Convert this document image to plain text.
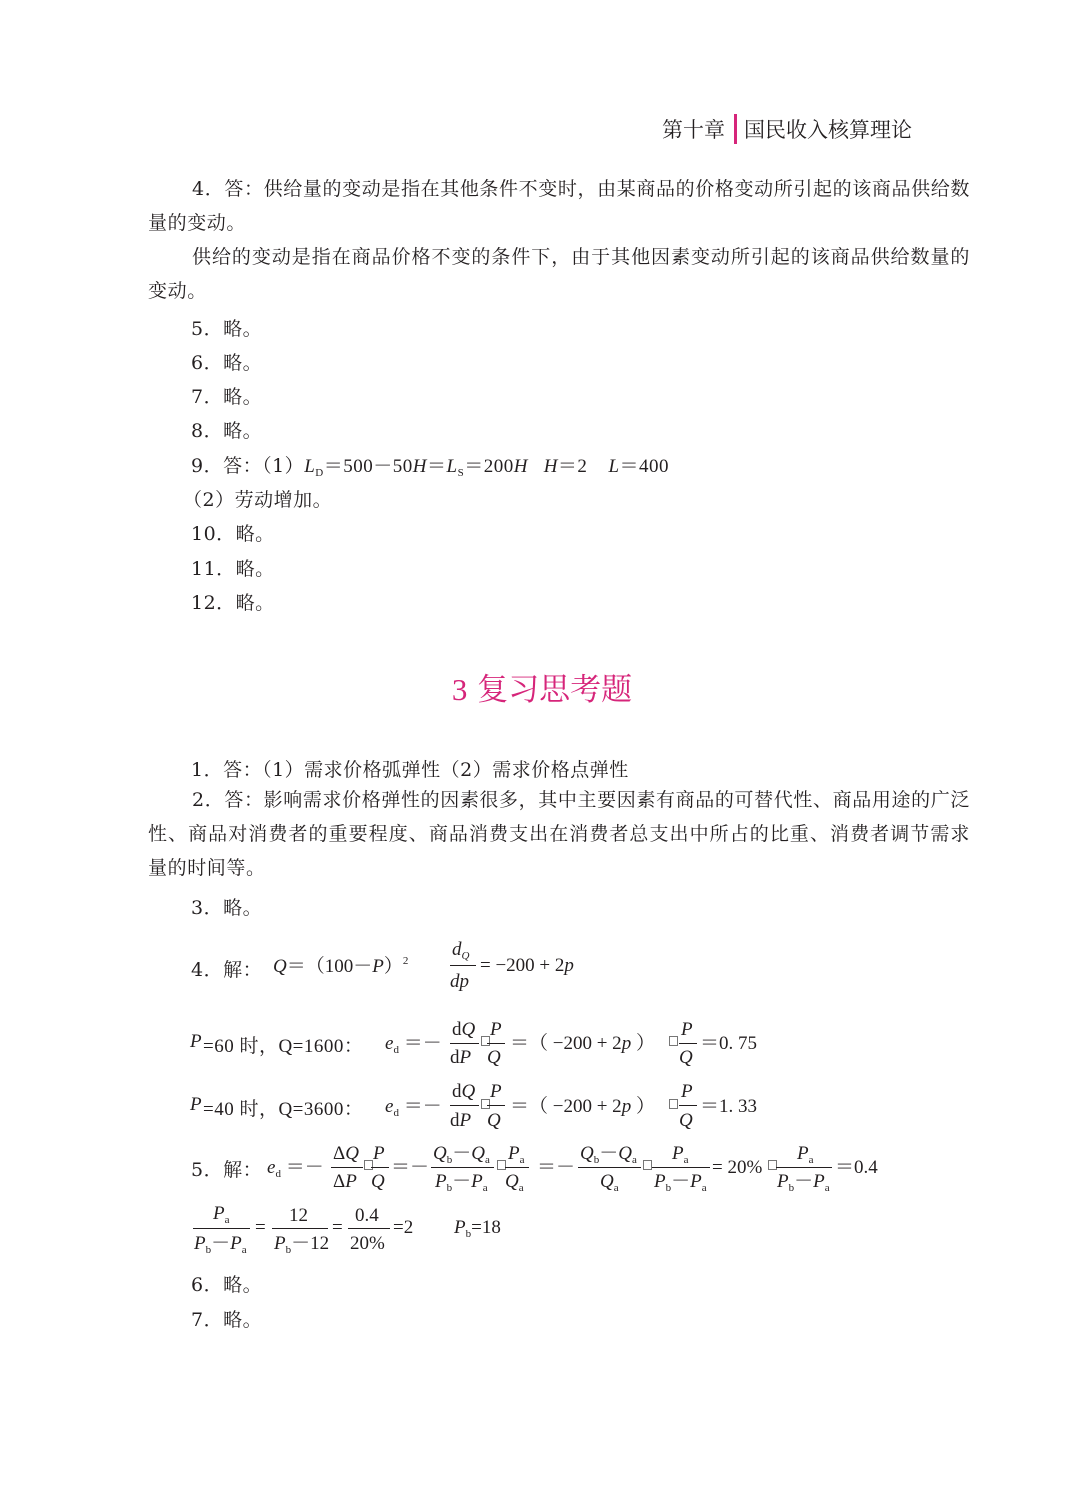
第十章 国民收入核算理论
4．答：供给量的变动是指在其他条件不变时，由某商品的价格变动所引起的该商品供给数量的变动。
供给的变动是指在商品价格不变的条件下，由于其他因素变动所引起的该商品供给数量的变动。
5．略。
6．略。
7．略。
8．略。
9．答：$(1)L_D=500-50H=L_S=200H$ H＝2    L＝400
（2）劳动增加。
10．略。
11．略。
12．略。
3 复习思考题
1．答：（1）需求价格弧弹性（2）需求价格点弹性
2．答：影响需求价格弹性的因素很多，其中主要因素有商品的可替代性、商品用途的广泛性、商品对消费者的重要程度、商品消费支出在消费者总支出中所占的比重、消费者调节需求量的时间等。
3．略。
4．解： $Q=(100-P)^2$
$d_Q$
dp
= −200 + 2p
P =60 时，Q=1600： $e_d$ ＝－
dQ
dP
P
Q
＝（ −200 + 2p ）
P
Q
＝0. 75
P =40 时，Q=3600： $e_d$ ＝－
dQ
dP
P
Q
＝（ −200 + 2p ）
P
Q
＝1. 33
5．解： $e_d$ ＝－
ΔQ
ΔP
P
Q
＝－
$Q_b-Q_a$
$P_b-P_a$
$P_a$
$Q_a$
＝－
$Q_b-Q_a$
$Q_a$
$P_a$
$P_b-P_a$
= 20%
$P_a$
$P_b-P_a$
＝0.4
$P_a$
$P_b-P_a$
=
12
$P_b-12$
=
0.4
20%
=2 $P_b=18$
6．略。
7．略。
